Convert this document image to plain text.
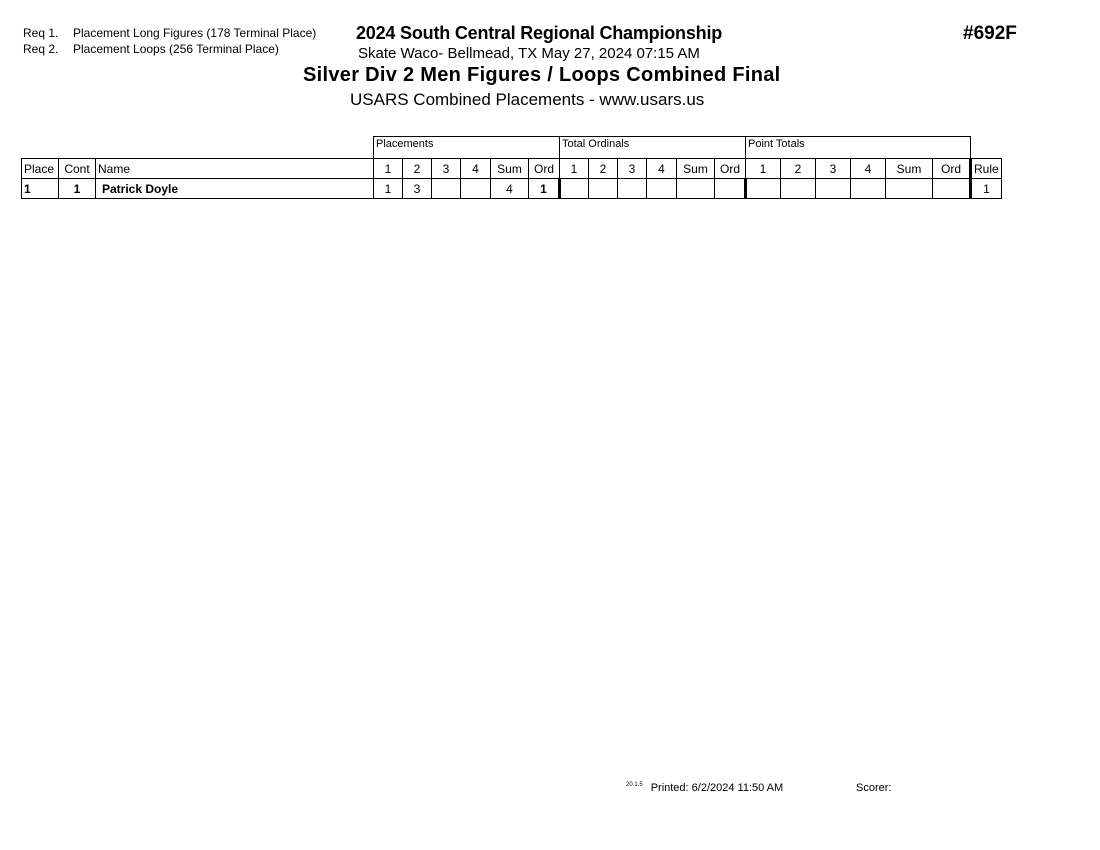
Req 1. Placement Long Figures (178 Terminal Place)
Req 2. Placement Loops (256 Terminal Place)
2024 South Central Regional Championship
Skate Waco- Bellmead, TX May 27, 2024 07:15 AM
Silver Div 2 Men Figures / Loops Combined Final
USARS Combined Placements - www.usars.us
#692F
			Placements						Total Ordinals						Point Totals						
Place	Cont	Name	1	2	3	4	Sum	Ord	1	2	3	4	Sum	Ord	1	2	3	4	Sum	Ord	Rule
1	1	Patrick Doyle	1	3			4	1													1
$^{20.1.5}$ Printed: 6/2/2024 11:50 AM	Scorer:
